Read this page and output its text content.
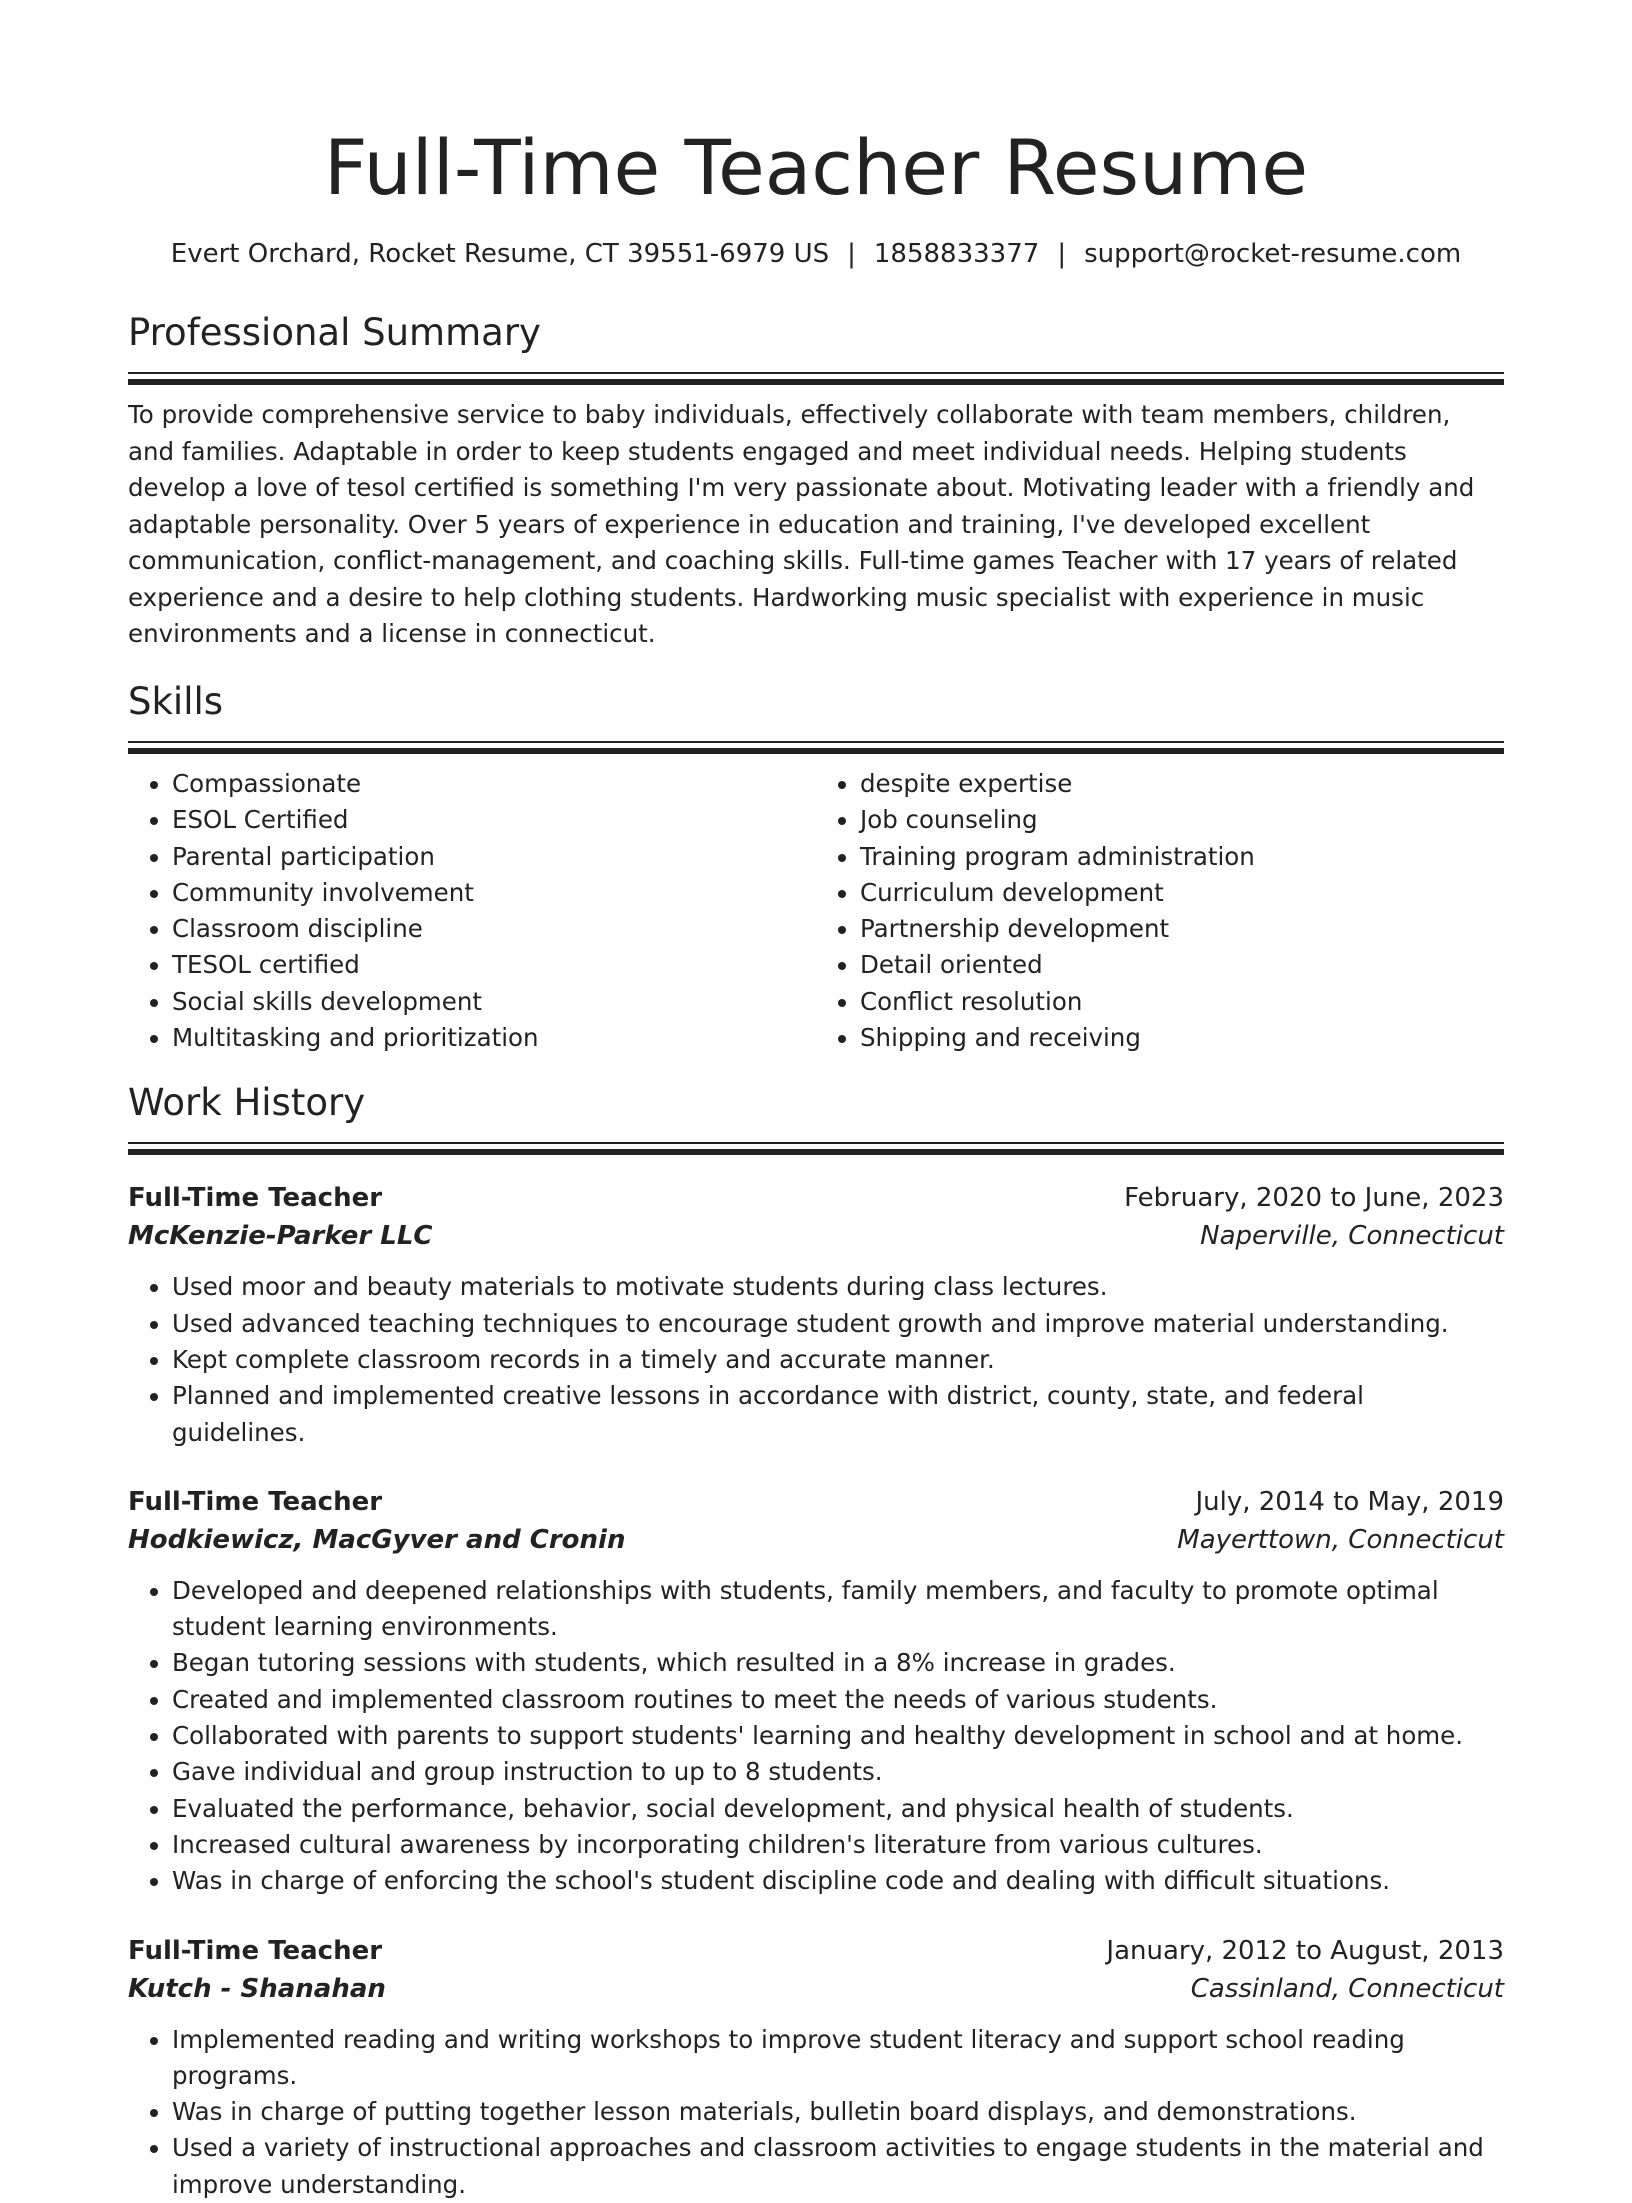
Full-Time Teacher Resume
Evert Orchard, Rocket Resume, CT 39551-6979 US | 1858833377 | support@rocket-resume.com
Professional Summary

To provide comprehensive service to baby individuals, effectively collaborate with team members, children, and families. Adaptable in order to keep students engaged and meet individual needs. Helping students develop a love of tesol certified is something I'm very passionate about. Motivating leader with a friendly and adaptable personality. Over 5 years of experience in education and training, I've developed excellent communication, conflict-management, and coaching skills. Full-time games Teacher with 17 years of related experience and a desire to help clothing students. Hardworking music specialist with experience in music environments and a license in connecticut.

Skills
• Compassionate
• ESOL Certified
• Parental participation
• Community involvement
• Classroom discipline
• TESOL certified
• Social skills development
• Multitasking and prioritization
• despite expertise
• Job counseling
• Training program administration
• Curriculum development
• Partnership development
• Detail oriented
• Conflict resolution
• Shipping and receiving
Work History
Full-Time Teacher	February, 2020 to June, 2023
McKenzie-Parker LLC	Naperville, Connecticut
• Used moor and beauty materials to motivate students during class lectures.
• Used advanced teaching techniques to encourage student growth and improve material understanding.
• Kept complete classroom records in a timely and accurate manner.
• Planned and implemented creative lessons in accordance with district, county, state, and federal guidelines.
Full-Time Teacher	July, 2014 to May, 2019
Hodkiewicz, MacGyver and Cronin	Mayerttown, Connecticut
• Developed and deepened relationships with students, family members, and faculty to promote optimal student learning environments.
• Began tutoring sessions with students, which resulted in a 8% increase in grades.
• Created and implemented classroom routines to meet the needs of various students.
• Collaborated with parents to support students' learning and healthy development in school and at home.
• Gave individual and group instruction to up to 8 students.
• Evaluated the performance, behavior, social development, and physical health of students.
• Increased cultural awareness by incorporating children's literature from various cultures.
• Was in charge of enforcing the school's student discipline code and dealing with difficult situations.
Full-Time Teacher	January, 2012 to August, 2013
Kutch - Shanahan	Cassinland, Connecticut
• Implemented reading and writing workshops to improve student literacy and support school reading programs.
• Was in charge of putting together lesson materials, bulletin board displays, and demonstrations.
• Used a variety of instructional approaches and classroom activities to engage students in the material and improve understanding.
